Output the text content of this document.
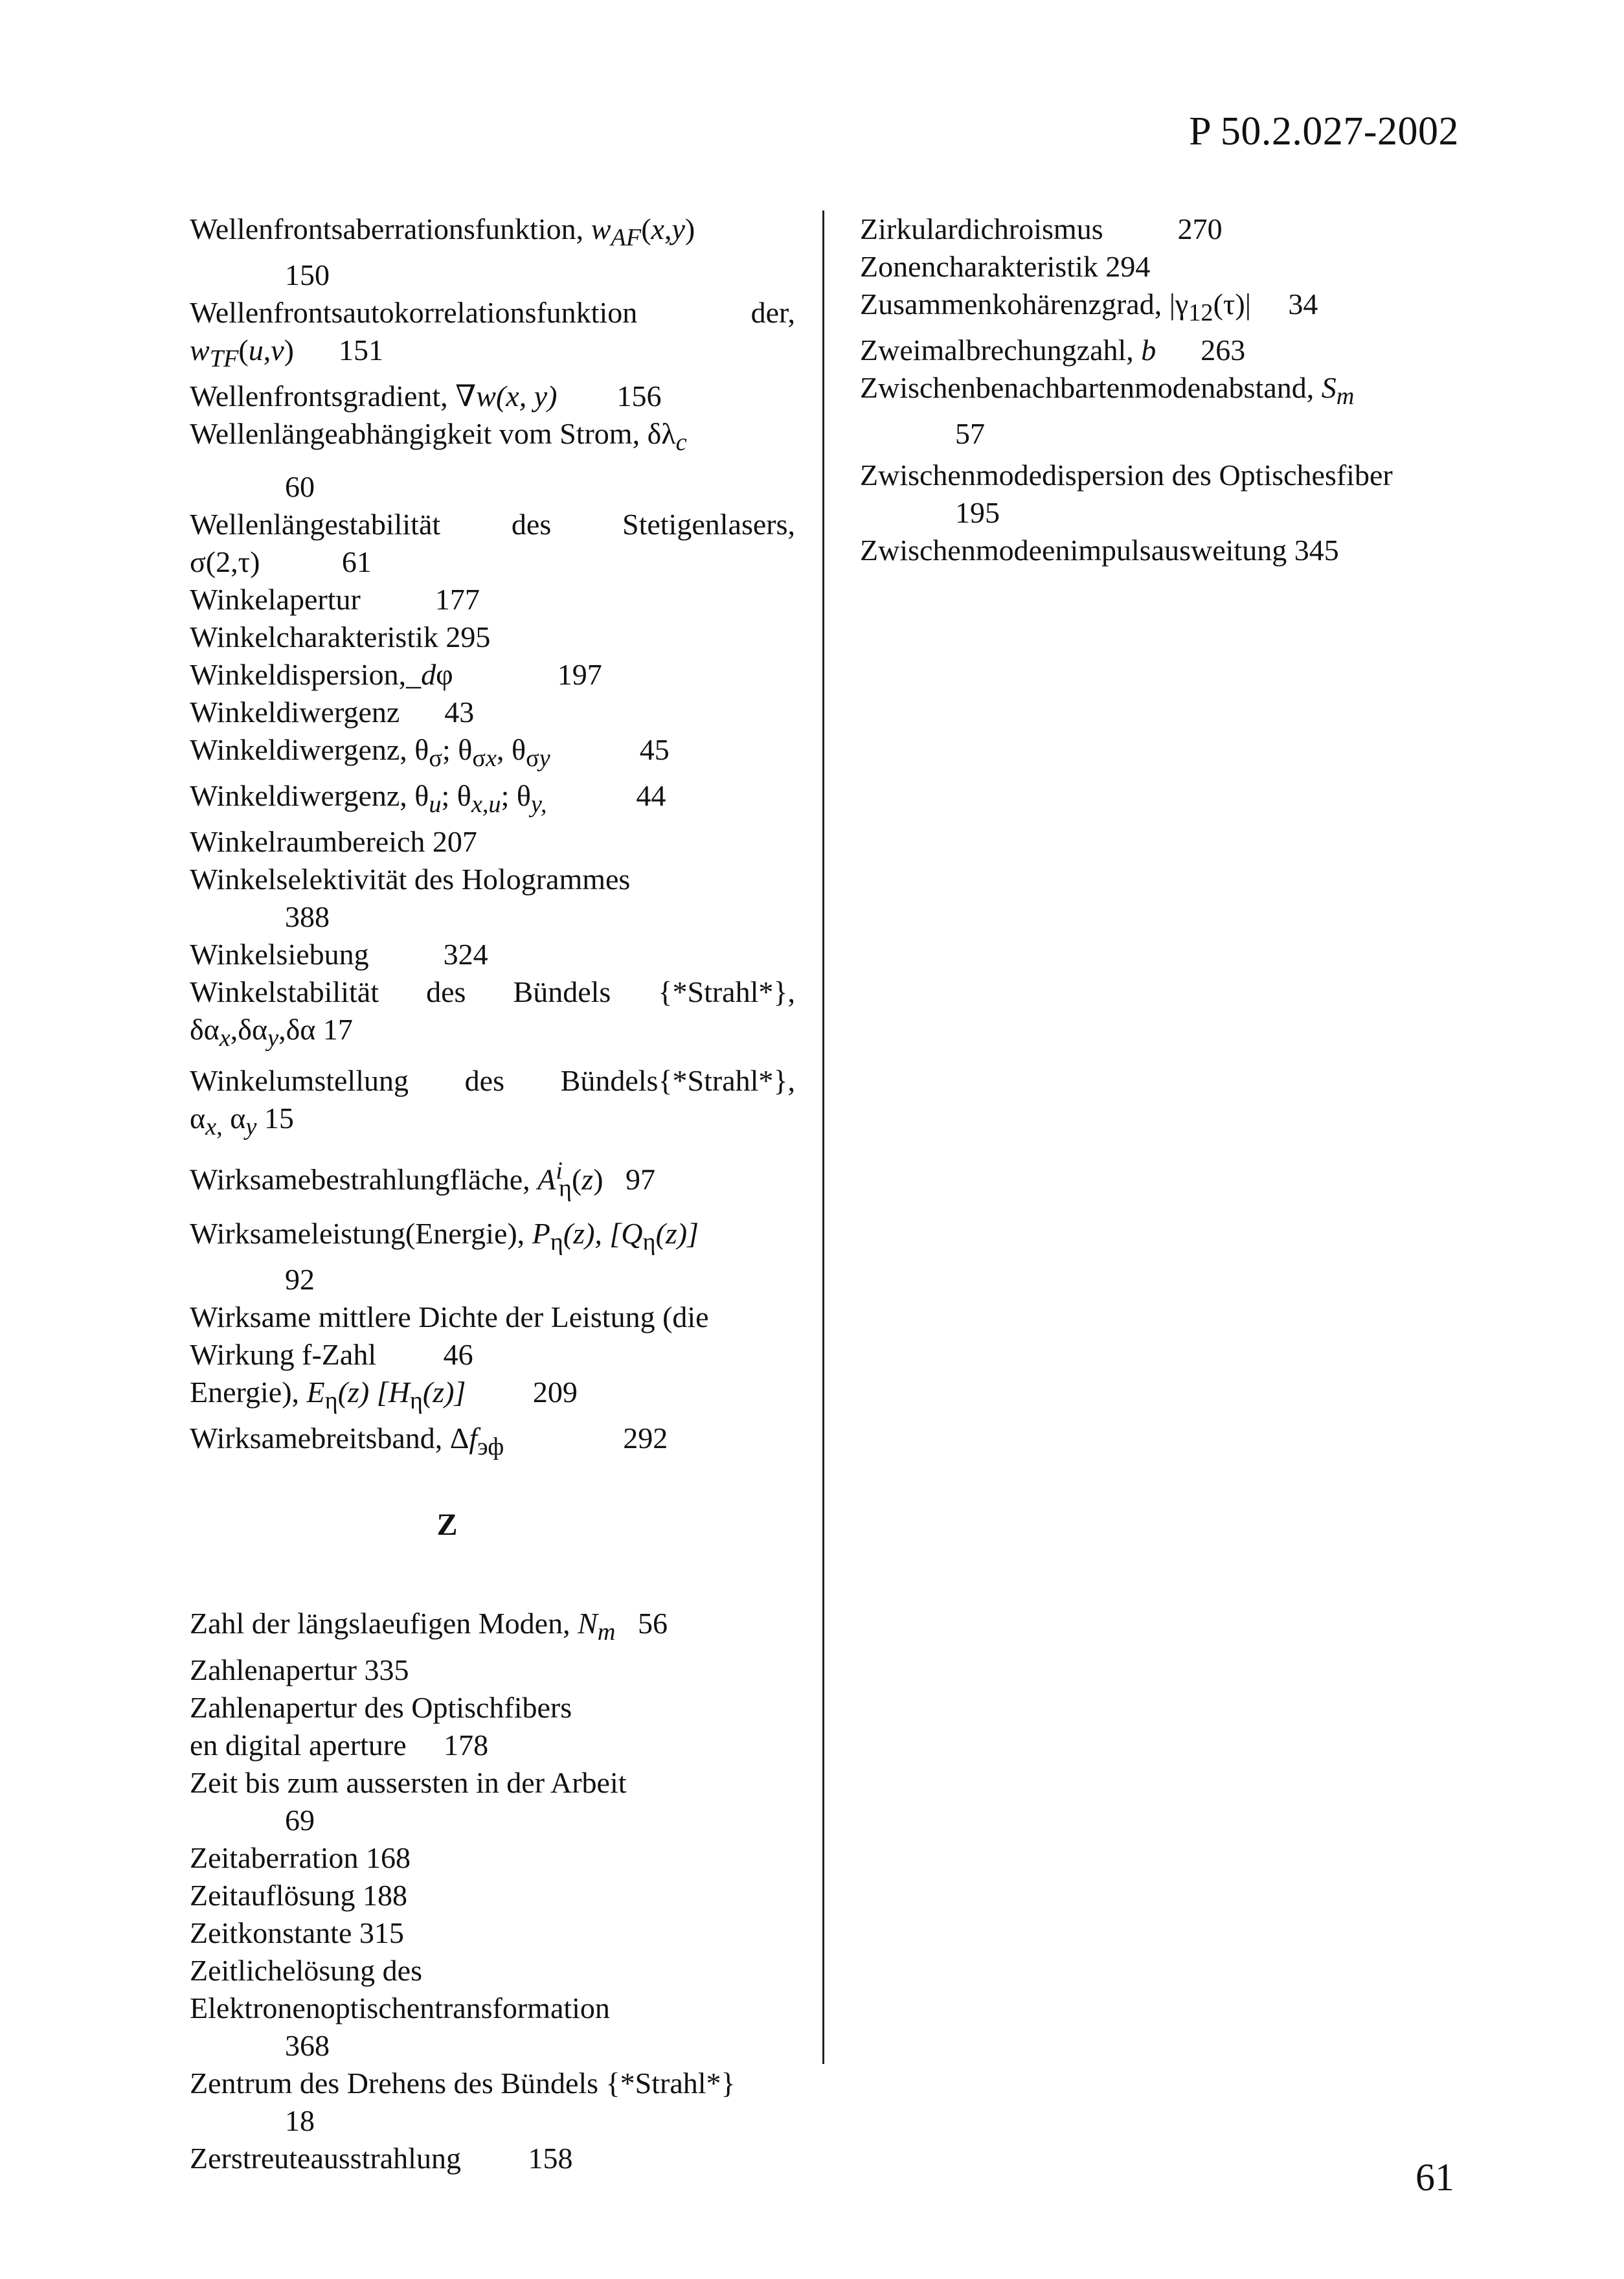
P 50.2.027-2002
Wellenfrontsaberrationsfunktion, $w_{AF}(x,y)$
150
Wellenfrontsautokorrelationsfunktion	der,
$w_{TF}(u,v)$ 151
Wellenfrontsgradient, ∇w(x, y) 156
Wellenlängeabhängigkeit vom Strom, $\delta\lambda_c$
60
Wellenlängestabilität des Stetigenlasers,
σ(2,τ)	61
Winkelapertur	177
Winkelcharakteristik 295
Winkeldispersion,_dφ	197
Winkeldiwergenz 43
Winkeldiwergenz, $\theta_\sigma$; $\theta_{\sigma x}$, $\theta_{\sigma y}$	45
Winkeldiwergenz, $\theta_u$; $\theta_{x,u}$; $\theta_{y,}$	44
Winkelraumbereich 207
Winkelselektivität des Hologrammes
388
Winkelsiebung	324
Winkelstabilität des Bündels {*Strahl*},
$\delta\alpha_x,\delta\alpha_y,\delta\alpha$ 17
Winkelumstellung des Bündels{*Strahl*},
$\alpha_{x,}$ $\alpha_y$ 15
Wirksamebestrahlungfläche, $A^i_\eta(z)$ 97
Wirksameleistung(Energie), $P_\eta(z)$, $[Q_\eta(z)]$
92
Wirksame mittlere Dichte der Leistung (die
Wirkung f-Zahl 46
Energie), $E_\eta(z)$ $[H_\eta(z)]$ 209
Wirksamebreitsband, $\Delta f_{эф}$	292
Z
Zahl der längslaeufigen Moden, $N_m$ 56
Zahlenapertur 335
Zahlenapertur des Optischfibers
en digital aperture 178
Zeit bis zum aussersten in der Arbeit
69
Zeitaberration 168
Zeitauflösung 188
Zeitkonstante 315
Zeitlichelösung des
Elektronenoptischentransformation
368
Zentrum des Drehens des Bündels {*Strahl*}
18
Zerstreuteausstrahlung 158
Zirkulardichroismus	270
Zonencharakteristik 294
Zusammenkohärenzgrad, $|\gamma_{12}(\tau)|$ 34
Zweimalbrechungzahl, b 263
Zwischenbenachbartenmodenabstand, $S_m$
57
Zwischenmodedispersion des Optischesfiber
195
Zwischenmodeenimpulsausweitung 345
61
